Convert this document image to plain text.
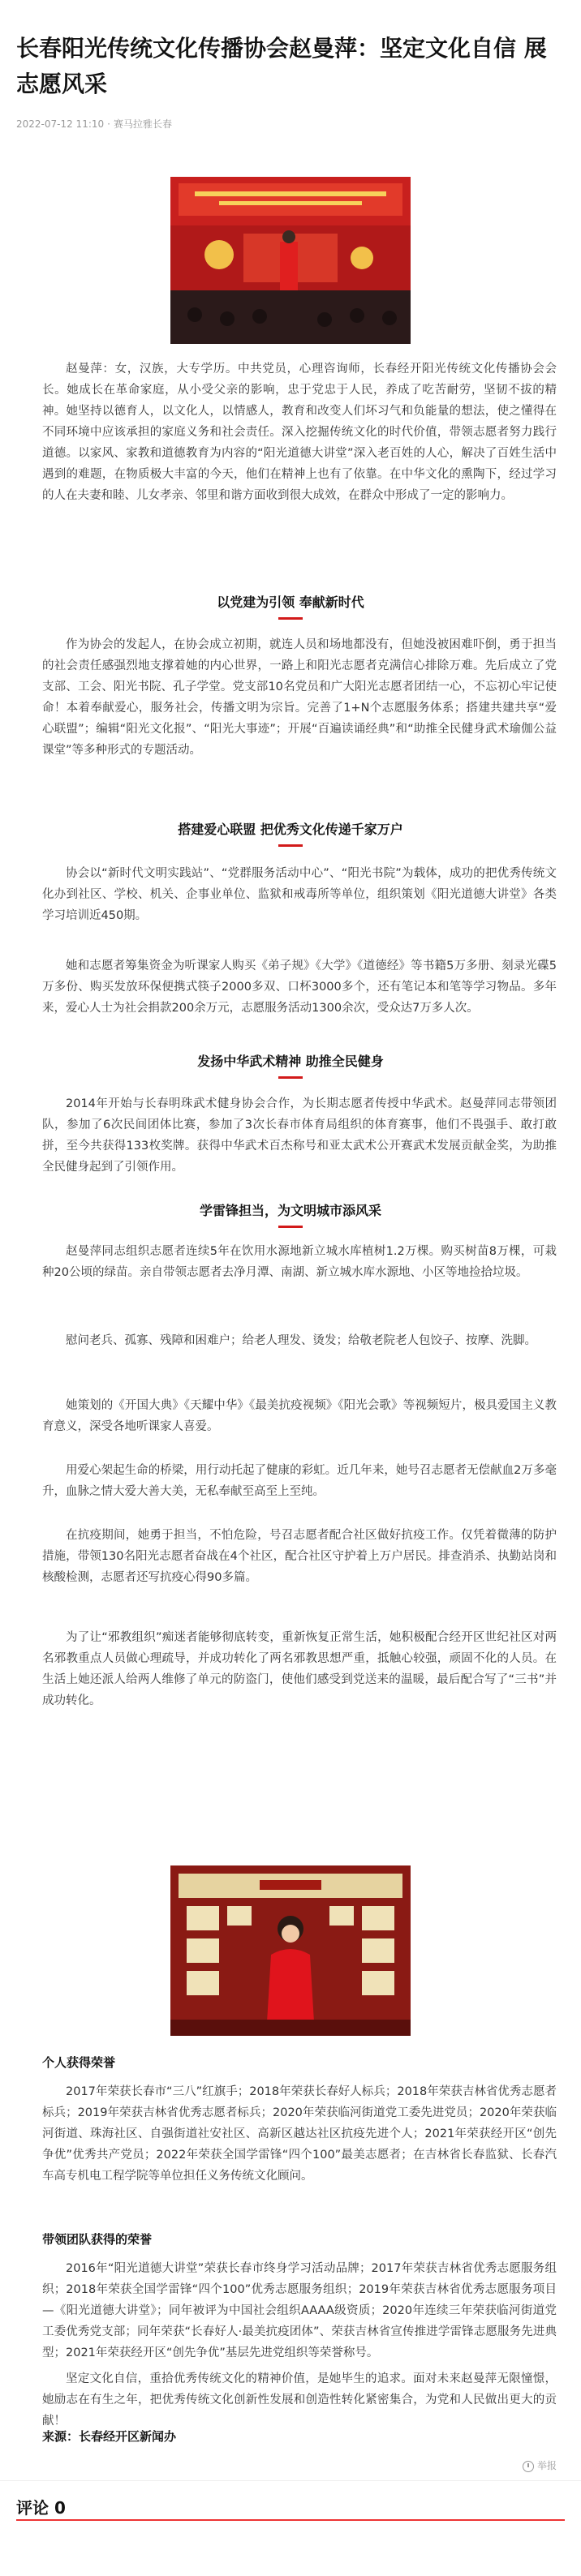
长春阳光传统文化传播协会赵曼萍：坚定文化自信 展志愿风采
2022-07-12 11:10 · 赛马拉雅长春

赵曼萍：女，汉族，大专学历。中共党员，心理咨询师，长春经开阳光传统文化传播协会会长。她成长在革命家庭，从小受父亲的影响，忠于党忠于人民，养成了吃苦耐劳，坚韧不拔的精神。她坚持以德育人，以文化人，以情感人，教育和改变人们坏习气和负能量的想法，使之懂得在不同环境中应该承担的家庭义务和社会责任。深入挖掘传统文化的时代价值，带领志愿者努力践行道德。以家风、家教和道德教育为内容的“阳光道德大讲堂”深入老百姓的人心，解决了百姓生活中遇到的难题，在物质极大丰富的今天，他们在精神上也有了依靠。在中华文化的熏陶下，经过学习的人在夫妻和睦、儿女孝亲、邻里和谐方面收到很大成效，在群众中形成了一定的影响力。

以党建为引领 奉献新时代

作为协会的发起人，在协会成立初期，就连人员和场地都没有，但她没被困难吓倒，勇于担当的社会责任感强烈地支撑着她的内心世界，一路上和阳光志愿者克满信心排除万难。先后成立了党支部、工会、阳光书院、孔子学堂。党支部10名党员和广大阳光志愿者团结一心，不忘初心牢记使命！本着奉献爱心，服务社会，传播文明为宗旨。完善了1+N个志愿服务体系；搭建共建共享“爱心联盟”；编辑“阳光文化报”、“阳光大事迹”；开展“百遍读诵经典”和“助推全民健身武术瑜伽公益课堂”等多种形式的专题活动。

搭建爱心联盟 把优秀文化传递千家万户

协会以“新时代文明实践站”、“党群服务活动中心”、“阳光书院”为载体，成功的把优秀传统文化办到社区、学校、机关、企事业单位、监狱和戒毒所等单位，组织策划《阳光道德大讲堂》各类学习培训近450期。

她和志愿者筹集资金为听课家人购买《弟子规》《大学》《道德经》等书籍5万多册、刻录光碟5万多份、购买发放环保便携式筷子2000多双、口杯3000多个，还有笔记本和笔等学习物品。多年来，爱心人士为社会捐款200余万元，志愿服务活动1300余次，受众达7万多人次。

发扬中华武术精神 助推全民健身

2014年开始与长春明珠武术健身协会合作，为长期志愿者传授中华武术。赵曼萍同志带领团队，参加了6次民间团体比赛，参加了3次长春市体育局组织的体育赛事，他们不畏强手、敢打敢拼，至今共获得133枚奖牌。获得中华武术百杰称号和亚太武术公开赛武术发展贡献金奖，为助推全民健身起到了引领作用。

学雷锋担当，为文明城市添风采

赵曼萍同志组织志愿者连续5年在饮用水源地新立城水库植树1.2万棵。购买树苗8万棵，可栽种20公顷的绿苗。亲自带领志愿者去净月潭、南湖、新立城水库水源地、小区等地捡拾垃圾。

慰问老兵、孤寡、残障和困难户；给老人理发、烫发；给敬老院老人包饺子、按摩、洗脚。

她策划的《开国大典》《天耀中华》《最美抗疫视频》《阳光会歌》等视频短片，极具爱国主义教育意义，深受各地听课家人喜爱。

用爱心架起生命的桥梁，用行动托起了健康的彩虹。近几年来，她号召志愿者无偿献血2万多毫升，血脉之情大爱大善大美，无私奉献至高至上至纯。

在抗疫期间，她勇于担当，不怕危险，号召志愿者配合社区做好抗疫工作。仅凭着微薄的防护措施，带领130名阳光志愿者奋战在4个社区，配合社区守护着上万户居民。排查消杀、执勤站岗和核酸检测，志愿者还写抗疫心得90多篇。

为了让“邪教组织”痴迷者能够彻底转变，重新恢复正常生活，她积极配合经开区世纪社区对两名邪教重点人员做心理疏导，并成功转化了两名邪教思想严重，抵触心较强，顽固不化的人员。在生活上她还派人给两人维修了单元的防盗门，使他们感受到党送来的温暖，最后配合写了“三书”并成功转化。

个人获得荣誉

2017年荣获长春市“三八”红旗手；2018年荣获长春好人标兵；2018年荣获吉林省优秀志愿者标兵；2019年荣获吉林省优秀志愿者标兵；2020年荣获临河街道党工委先进党员；2020年荣获临河街道、珠海社区、自强街道社安社区、高新区越达社区抗疫先进个人；2021年荣获经开区“创先争优”优秀共产党员；2022年荣获全国学雷锋“四个100”最美志愿者；在吉林省长春监狱、长春汽车高专机电工程学院等单位担任义务传统文化顾问。

带领团队获得的荣誉

2016年“阳光道德大讲堂”荣获长春市终身学习活动品牌；2017年荣获吉林省优秀志愿服务组织；2018年荣获全国学雷锋“四个100”优秀志愿服务组织；2019年荣获吉林省优秀志愿服务项目—《阳光道德大讲堂》；同年被评为中国社会组织AAAA级资质；2020年连续三年荣获临河街道党工委优秀党支部；同年荣获“长春好人·最美抗疫团体”、荣获吉林省宣传推进学雷锋志愿服务先进典型；2021年荣获经开区“创先争优”基层先进党组织等荣誉称号。

坚定文化自信，重拾优秀传统文化的精神价值，是她毕生的追求。面对未来赵曼萍无限憧憬，她励志在有生之年，把优秀传统文化创新性发展和创造性转化紧密集合，为党和人民做出更大的贡献！

来源：长春经开区新闻办
举报
评论 0
